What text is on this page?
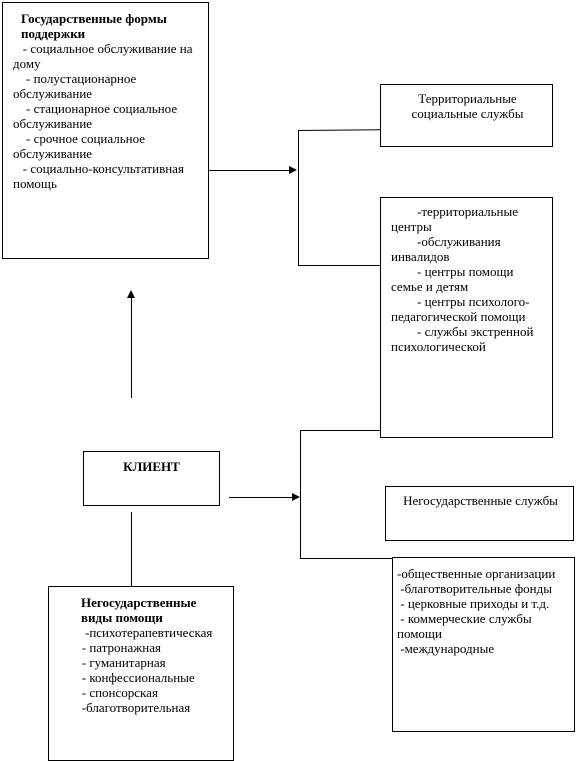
Государственные формы поддержки
- социальное обслуживание на дому
- полустационарное обслуживание
- стационарное социальное обслуживание
- срочное социальное обслуживание
- социально-консультативная помощь
Территориальные социальные службы
-территориальные центры
-обслуживания инвалидов
- центры помощи семье и детям
- центры психолого-педагогической помощи
- службы экстренной психологической
КЛИЕНТ
Негосударственные службы
-общественные организации
-благотворительные фонды
- церковные приходы и т.д.
- коммерческие службы помощи
-международные
Негосударственные виды помощи
-психотерапевтическая
- патронажная
- гуманитарная
- конфессиональные
- спонсорская
-благотворительная
